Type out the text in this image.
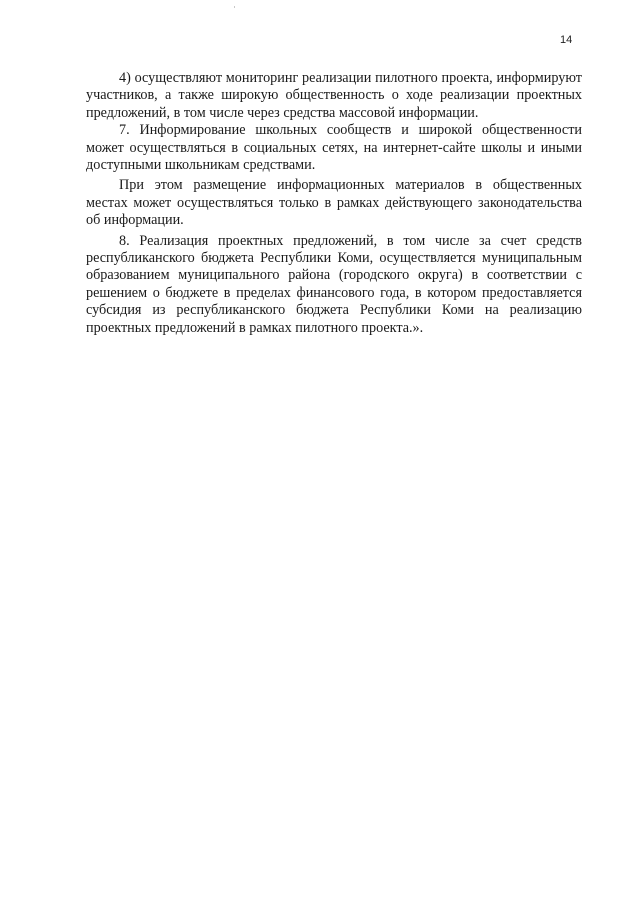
14

4) осуществляют мониторинг реализации пилотного проекта, информируют участников, а также широкую общественность о ходе реализации проектных предложений, в том числе через средства массовой информации.

7. Информирование школьных сообществ и широкой общественности может осуществляться в социальных сетях, на интернет-сайте школы и иными доступными школьникам средствами.

При этом размещение информационных материалов в общественных местах может осуществляться только в рамках действующего законодательства об информации.

8. Реализация проектных предложений, в том числе за счет средств республиканского бюджета Республики Коми, осуществляется муниципальным образованием муниципального района (городского округа) в соответствии с решением о бюджете в пределах финансового года, в котором предоставляется субсидия из республиканского бюджета Республики Коми на реализацию проектных предложений в рамках пилотного проекта.».
